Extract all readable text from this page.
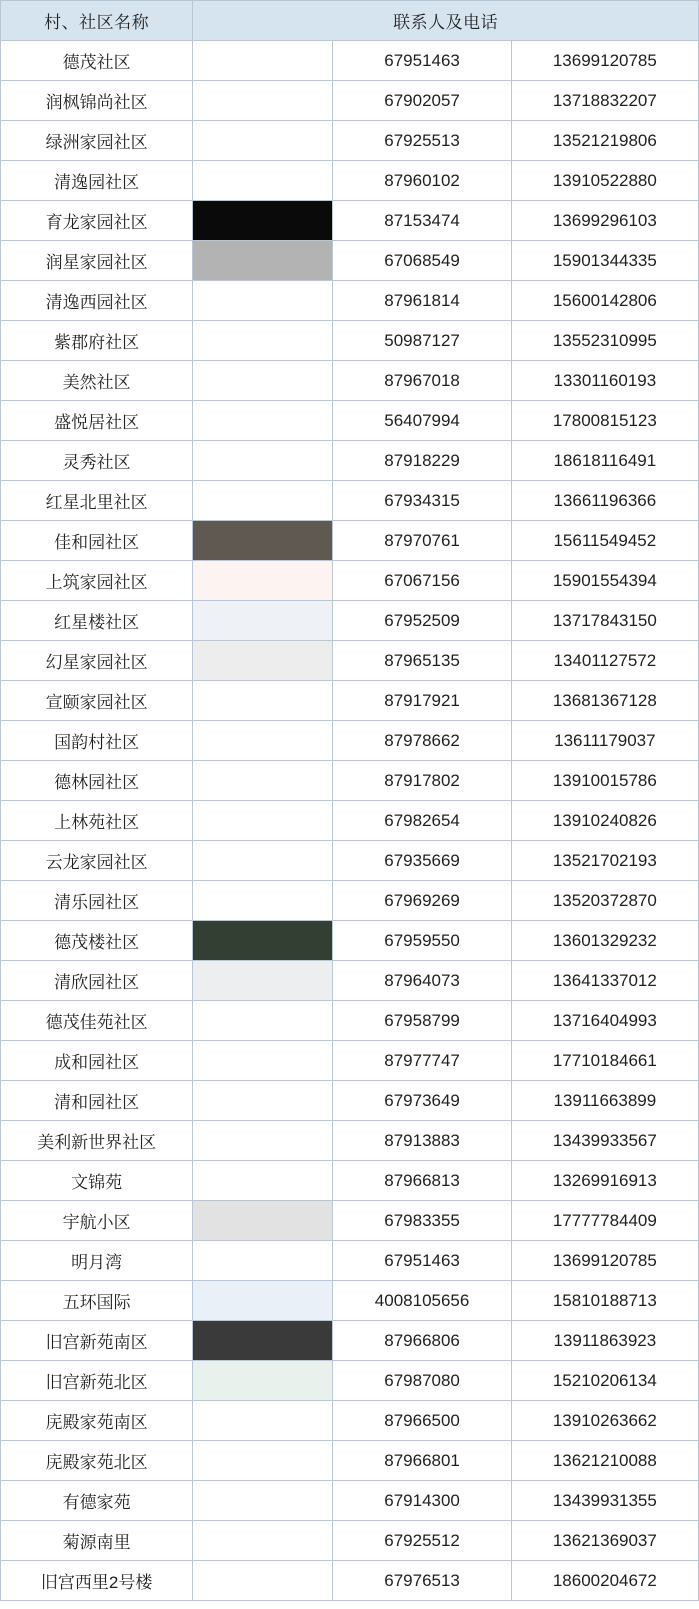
村、社区名称	联系人及电话		
德茂社区		67951463	13699120785
润枫锦尚社区		67902057	13718832207
绿洲家园社区		67925513	13521219806
清逸园社区		87960102	13910522880
育龙家园社区		87153474	13699296103
润星家园社区		67068549	15901344335
清逸西园社区		87961814	15600142806
紫郡府社区		50987127	13552310995
美然社区		87967018	13301160193
盛悦居社区		56407994	17800815123
灵秀社区		87918229	18618116491
红星北里社区		67934315	13661196366
佳和园社区		87970761	15611549452
上筑家园社区		67067156	15901554394
红星楼社区		67952509	13717843150
幻星家园社区		87965135	13401127572
宣颐家园社区		87917921	13681367128
国韵村社区		87978662	13611179037
德林园社区		87917802	13910015786
上林苑社区		67982654	13910240826
云龙家园社区		67935669	13521702193
清乐园社区		67969269	13520372870
德茂楼社区		67959550	13601329232
清欣园社区		87964073	13641337012
德茂佳苑社区		67958799	13716404993
成和园社区		87977747	17710184661
清和园社区		67973649	13911663899
美利新世界社区		87913883	13439933567
文锦苑		87966813	13269916913
宇航小区		67983355	17777784409
明月湾		67951463	13699120785
五环国际		4008105656	15810188713
旧宫新苑南区		87966806	13911863923
旧宫新苑北区		67987080	15210206134
庑殿家苑南区		87966500	13910263662
庑殿家苑北区		87966801	13621210088
有德家苑		67914300	13439931355
菊源南里		67925512	13621369037
旧宫西里2号楼		67976513	18600204672
